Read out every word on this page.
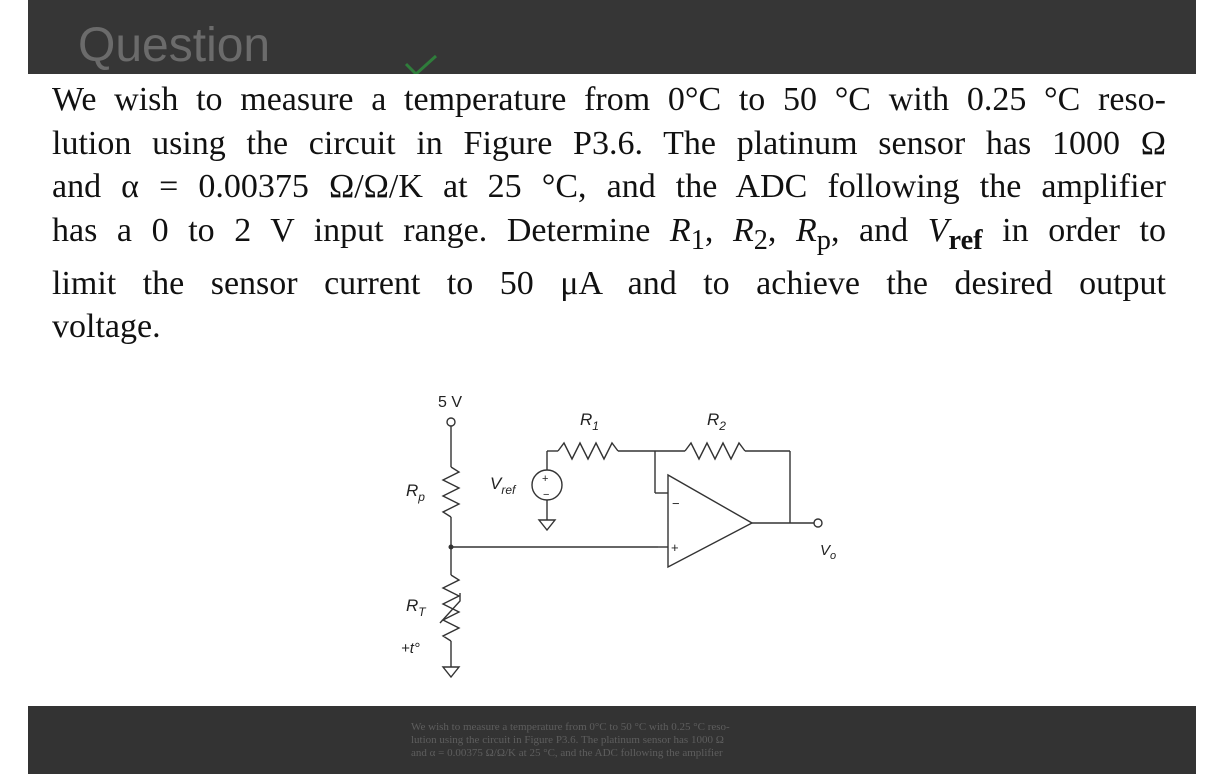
Question

We wish to measure a temperature from 0°C to 50 °C with 0.25 °C reso-

lution using the circuit in Figure P3.6. The platinum sensor has 1000 Ω

and α = 0.00375 Ω/Ω/K at 25 °C, and the ADC following the amplifier

has a 0 to 2 V input range. Determine $R_1$, $R_2$, $R_p$, and $V_{ref}$ in order to

limit the sensor current to 50 μA and to achieve the desired output

voltage.

5 V
$R_p$
$R_T$
+t°
$V_{ref}$
+
−
$R_1$	$R_2$
−
+	$V_o$

We wish to measure a temperature from 0°C to 50 °C with 0.25 °C reso-

lution using the circuit in Figure P3.6. The platinum sensor has 1000 Ω

and α = 0.00375 Ω/Ω/K at 25 °C, and the ADC following the amplifier
